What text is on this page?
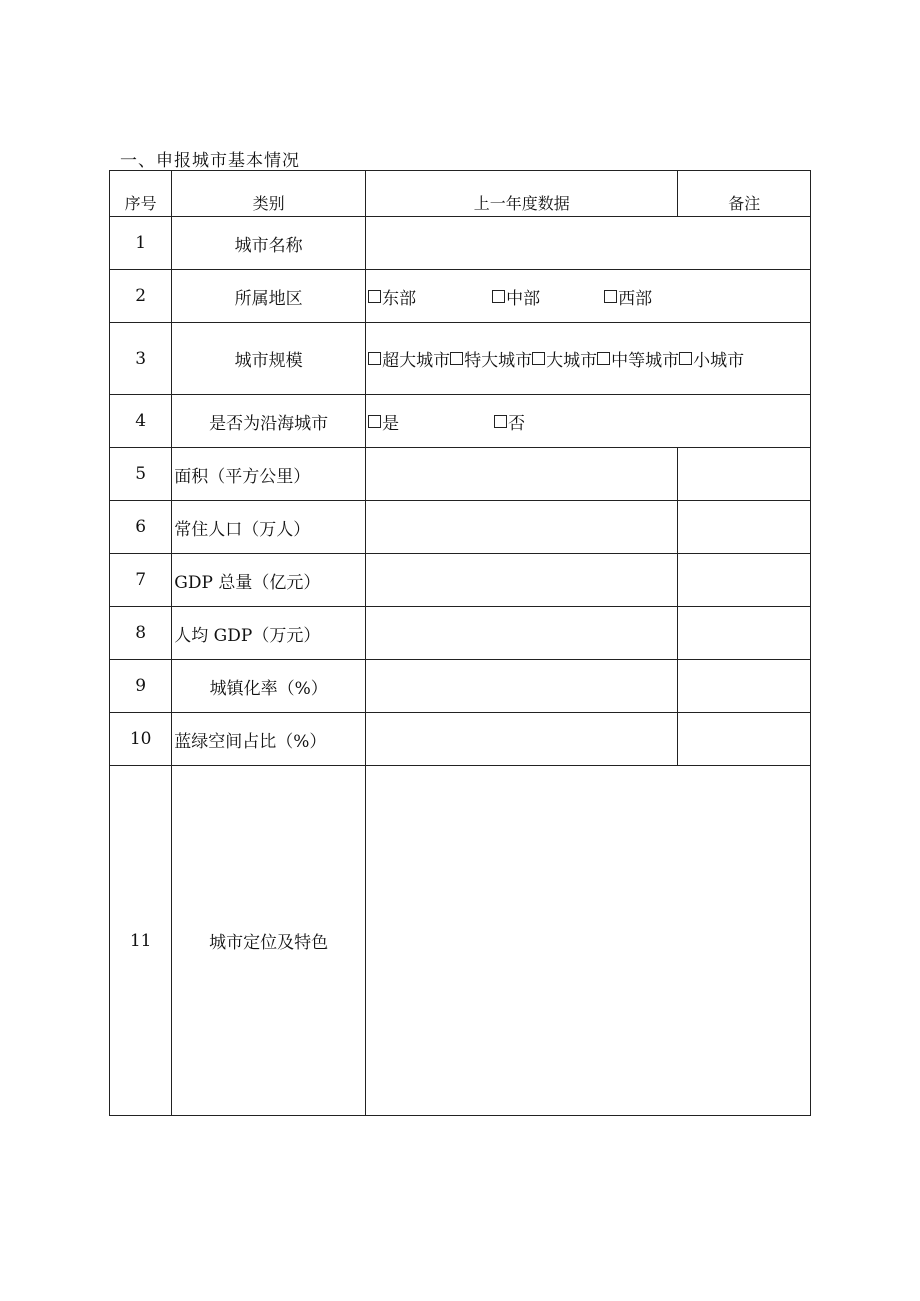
一、申报城市基本情况
序号	类别	上一年度数据	备注
1	城市名称		
2	所属地区	东部 中部 西部	

3	城市规模	超大城市 特大城市 大城市 中等城市 小城市	

4	是否为沿海城市	是 否	

5	面积（平方公里）		
6	常住人口（万人）		
7	GDP 总量（亿元）		
8	人均 GDP（万元）		
9	城镇化率（%）		
10	蓝绿空间占比（%）		
11	城市定位及特色		
